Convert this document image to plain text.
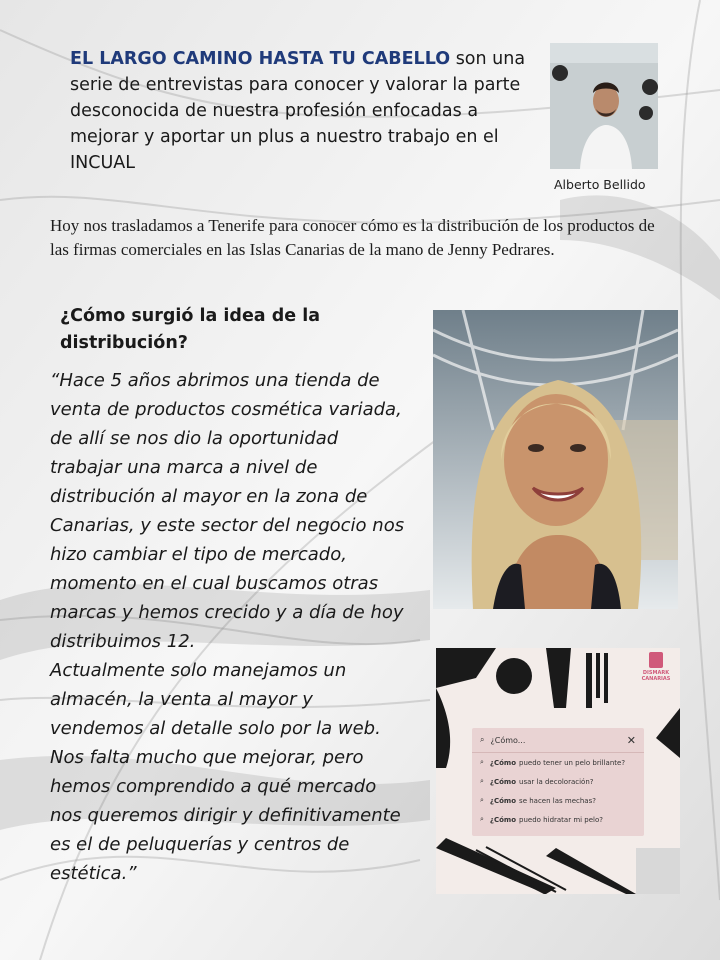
EL LARGO CAMINO HASTA TU CABELLO son una serie de entrevistas para conocer y valorar la parte desconocida de nuestra profesión enfocadas a mejorar y aportar un plus a nuestro trabajo en el INCUAL
Alberto Bellido
Hoy nos trasladamos a Tenerife para conocer cómo es la distribución de los productos de las firmas comerciales en las Islas Canarias de la mano de Jenny Pedrares.
¿Cómo surgió la idea de la distribución?

“Hace 5 años abrimos una tienda de venta de productos cosmética variada, de allí se nos dio la oportunidad trabajar una marca a nivel de distribución al mayor en la zona de Canarias, y este sector del negocio nos hizo cambiar el tipo de mercado, momento en el cual buscamos otras marcas y hemos crecido y a día de hoy distribuimos 12.
Actualmente solo manejamos un almacén, la venta al mayor y vendemos al detalle solo por la web. Nos falta mucho que mejorar, pero hemos comprendido a qué mercado nos queremos dirigir y definitivamente es el de peluquerías y centros de estética.”

DISMARK CANARIAS
⌕ ¿Cómo...	✕
⌕ ¿Cómo puedo tener un pelo brillante?
⌕ ¿Cómo usar la decoloración?
⌕ ¿Cómo se hacen las mechas?
⌕ ¿Cómo puedo hidratar mi pelo?
